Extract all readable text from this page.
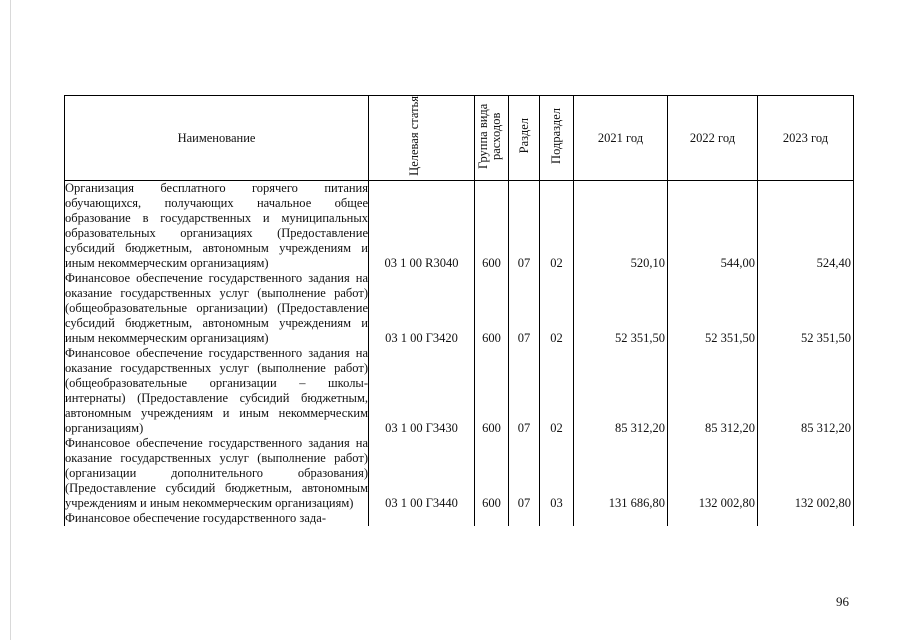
Наименование	Целевая статья	Группа вида расходов	Раздел	Подраздел	2021 год	2022 год	2023 год
Организация бесплатного горячего питания обучающихся, получающих начальное общее образование в государственных и муниципальных образовательных организациях (Предоставление субсидий бюджетным, автономным учреждениям и иным некоммерческим организациям)	03 1 00 R3040	600	07	02	520,10	544,00	524,40

Финансовое обеспечение государственного задания на оказание государственных услуг (выполнение работ) (общеобразовательные организации) (Предоставление субсидий бюджетным, автономным учреждениям и иным некоммерческим организациям)	03 1 00 Г3420	600	07	02	52 351,50	52 351,50	52 351,50

Финансовое обеспечение государственного задания на оказание государственных услуг (выполнение работ) (общеобразовательные организации – школы-интернаты) (Предоставление субсидий бюджетным, автономным учреждениям и иным некоммерческим организациям)	03 1 00 Г3430	600	07	02	85 312,20	85 312,20	85 312,20

Финансовое обеспечение государственного задания на оказание государственных услуг (выполнение работ) (организации дополнительного образования) (Предоставление субсидий бюджетным, автономным учреждениям и иным некоммерческим организациям)	03 1 00 Г3440	600	07	03	131 686,80	132 002,80	132 002,80

Финансовое обеспечение государственного зада-							
96
